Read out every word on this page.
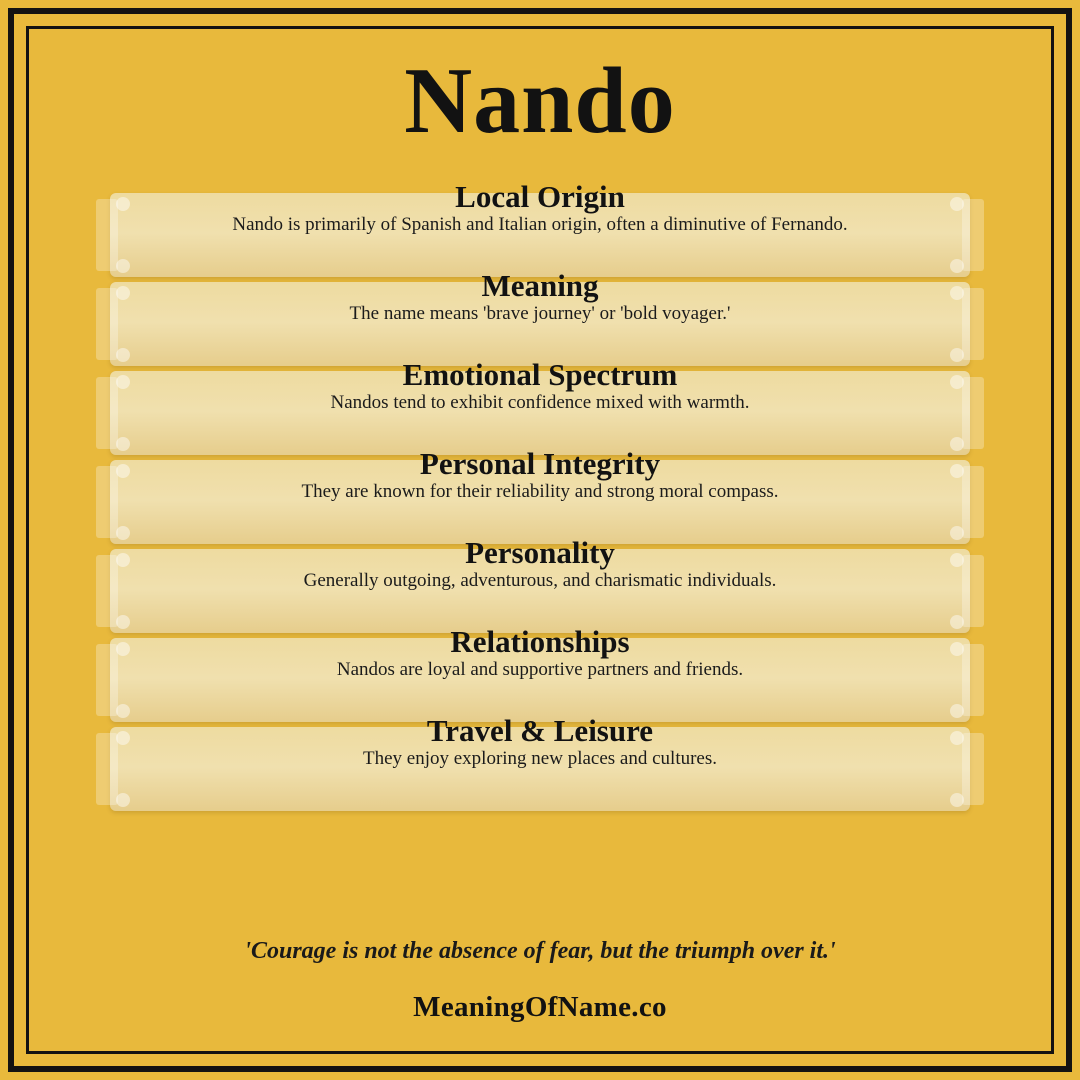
Nando
Local Origin
Nando is primarily of Spanish and Italian origin, often a diminutive of Fernando.
Meaning
The name means 'brave journey' or 'bold voyager.'
Emotional Spectrum
Nandos tend to exhibit confidence mixed with warmth.
Personal Integrity
They are known for their reliability and strong moral compass.
Personality
Generally outgoing, adventurous, and charismatic individuals.
Relationships
Nandos are loyal and supportive partners and friends.
Travel & Leisure
They enjoy exploring new places and cultures.
'Courage is not the absence of fear, but the triumph over it.'
MeaningOfName.co
